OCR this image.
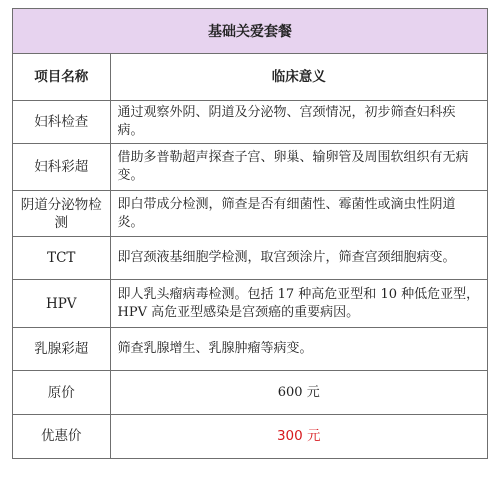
基础关爱套餐
项目名称	临床意义
妇科检查	通过观察外阴、阴道及分泌物、宫颈情况，初步筛查妇科疾病。
妇科彩超	借助多普勒超声探查子宫、卵巢、输卵管及周围软组织有无病变。
阴道分泌物检测	即白带成分检测，筛查是否有细菌性、霉菌性或滴虫性阴道炎。
TCT	即宫颈液基细胞学检测，取宫颈涂片，筛查宫颈细胞病变。
HPV	即人乳头瘤病毒检测。包括 17 种高危亚型和 10 种低危亚型，HPV 高危亚型感染是宫颈癌的重要病因。
乳腺彩超	筛查乳腺增生、乳腺肿瘤等病变。
原价	600 元
优惠价	300 元
